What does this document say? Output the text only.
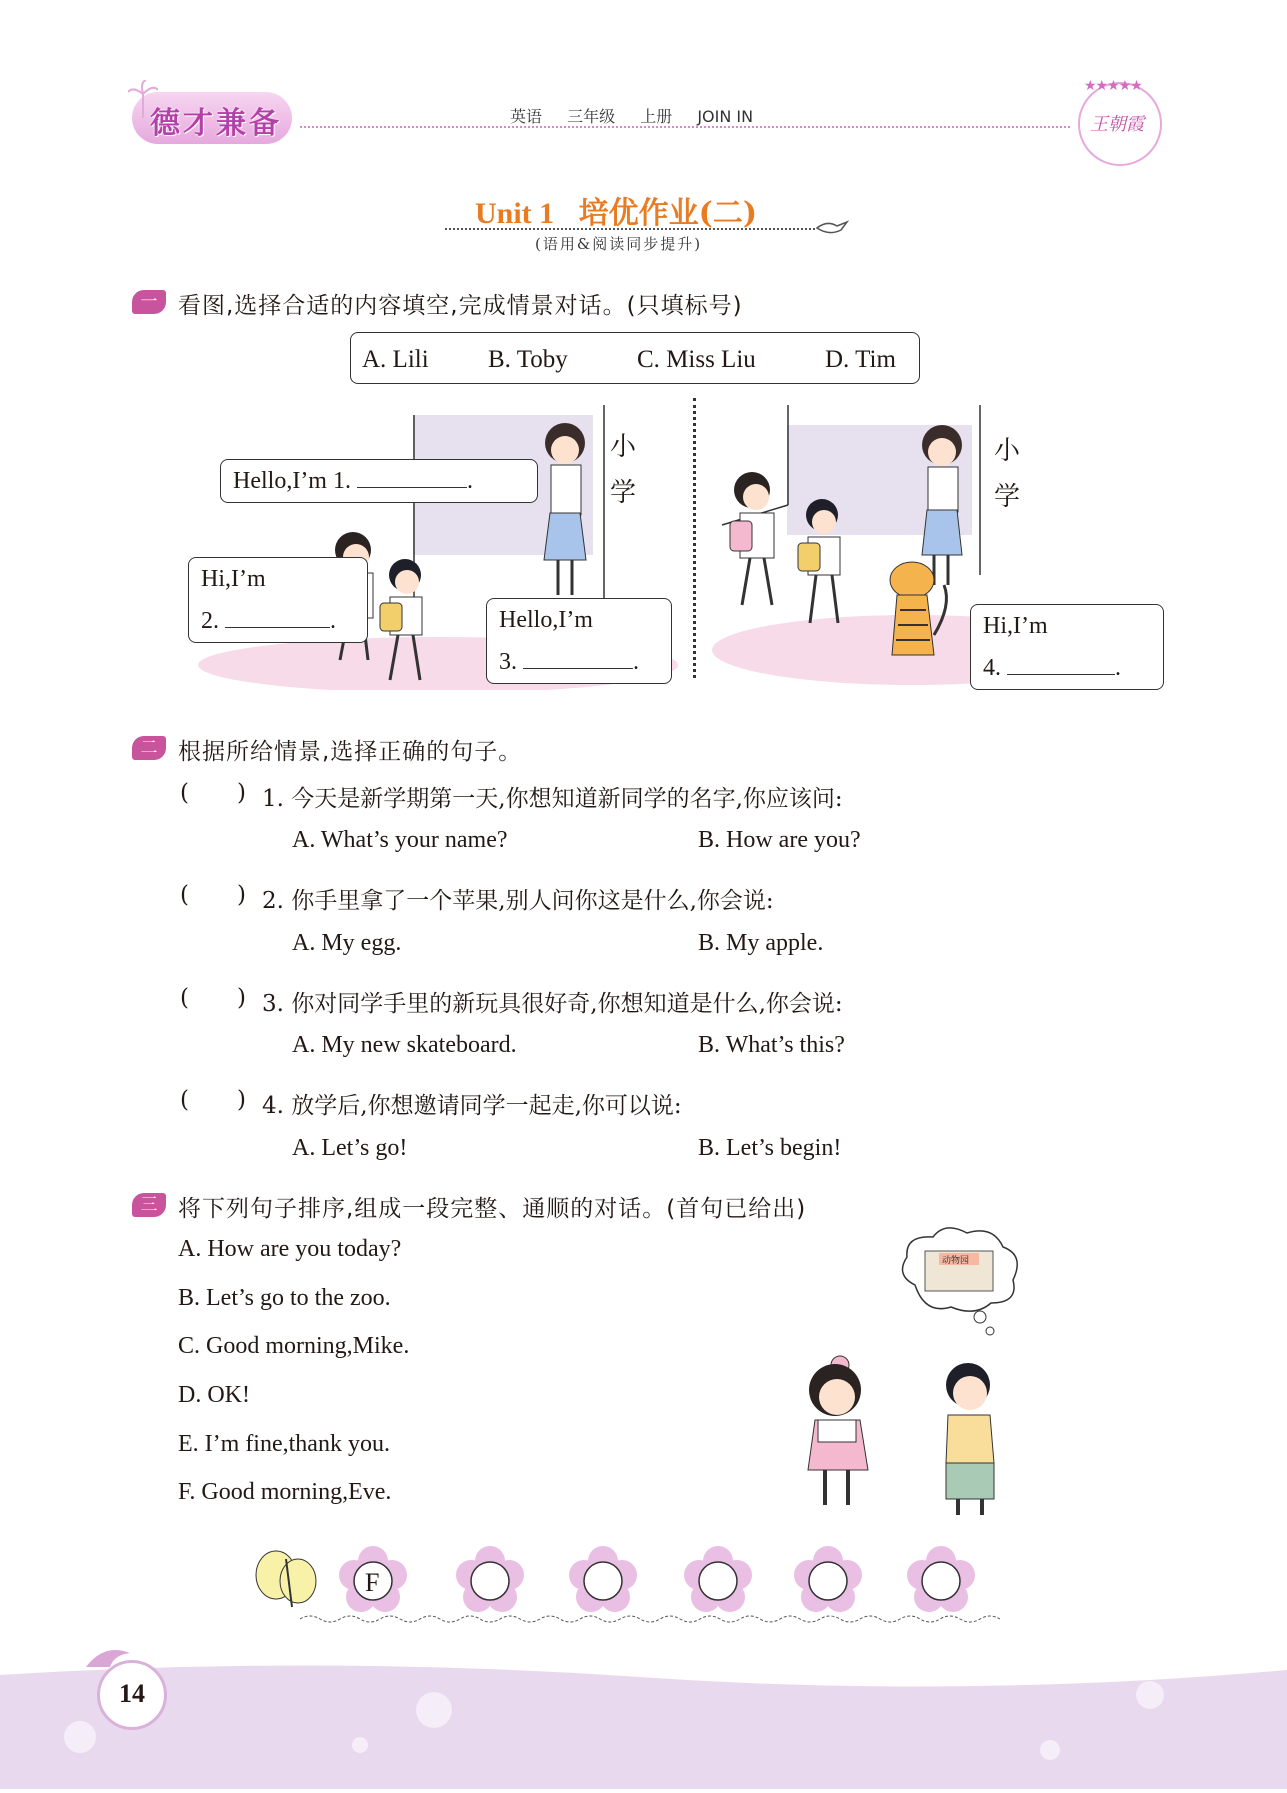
德才兼备	英语 三年级 上册 JOIN IN
★★★★★
王朝霞
Unit 1 培优作业(二)
(语用&阅读同步提升)
一 看图,选择合适的内容填空,完成情景对话。(只填标号)
A. Lili B. Toby	C. Miss Liu	D. Tim
小
学
Hello,I’m 1.	.
Hi,I’m
2.	.	Hello,I’m
3.	.
小
学
Hi,I’m
4.	.
二 根据所给情景,选择正确的句子。
( ) 1. 今天是新学期第一天,你想知道新同学的名字,你应该问:
A. What’s your name?	B. How are you?
( ) 2. 你手里拿了一个苹果,别人问你这是什么,你会说:
A. My egg.	B. My apple.
( ) 3. 你对同学手里的新玩具很好奇,你想知道是什么,你会说:
A. My new skateboard.	B. What’s this?
( ) 4. 放学后,你想邀请同学一起走,你可以说:
A. Let’s go!	B. Let’s begin!
三 将下列句子排序,组成一段完整、通顺的对话。(首句已给出)
A. How are you today?
B. Let’s go to the zoo.
C. Good morning,Mike.
D. OK!
E. I’m fine,thank you.
F. Good morning,Eve.
动物园
F
14
